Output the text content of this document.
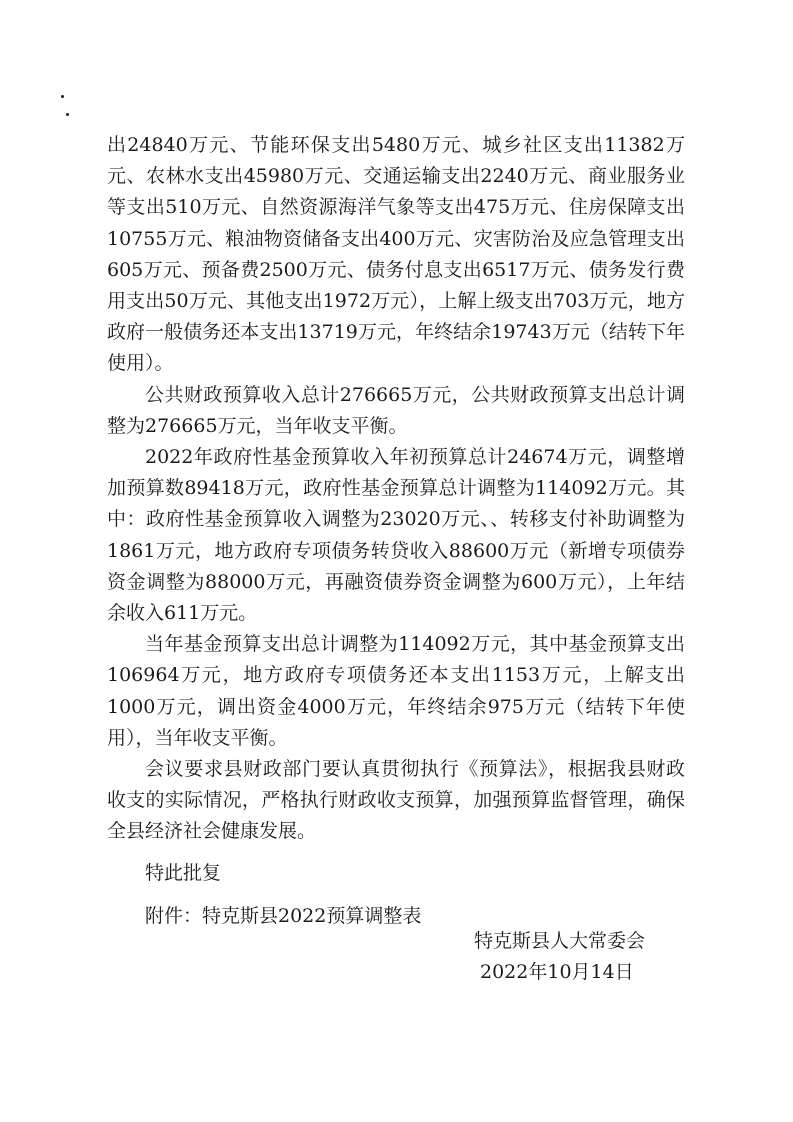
出24840万元、节能环保支出5480万元、城乡社区支出11382万元、农林水支出45980万元、交通运输支出2240万元、商业服务业等支出510万元、自然资源海洋气象等支出475万元、住房保障支出10755万元、粮油物资储备支出400万元、灾害防治及应急管理支出605万元、预备费2500万元、债务付息支出6517万元、债务发行费用支出50万元、其他支出1972万元），上解上级支出703万元，地方政府一般债务还本支出13719万元，年终结余19743万元（结转下年使用）。

公共财政预算收入总计276665万元，公共财政预算支出总计调整为276665万元，当年收支平衡。

2022年政府性基金预算收入年初预算总计24674万元，调整增加预算数89418万元，政府性基金预算总计调整为114092万元。其中：政府性基金预算收入调整为23020万元、、转移支付补助调整为1861万元，地方政府专项债务转贷收入88600万元（新增专项债券资金调整为88000万元，再融资债券资金调整为600万元），上年结余收入611万元。

当年基金预算支出总计调整为114092万元，其中基金预算支出106964万元，地方政府专项债务还本支出1153万元，上解支出1000万元，调出资金4000万元，年终结余975万元（结转下年使用），当年收支平衡。

会议要求县财政部门要认真贯彻执行《预算法》，根据我县财政收支的实际情况，严格执行财政收支预算，加强预算监督管理，确保全县经济社会健康发展。

特此批复

附件：特克斯县2022预算调整表

特克斯县人大常委会
2022年10月14日
